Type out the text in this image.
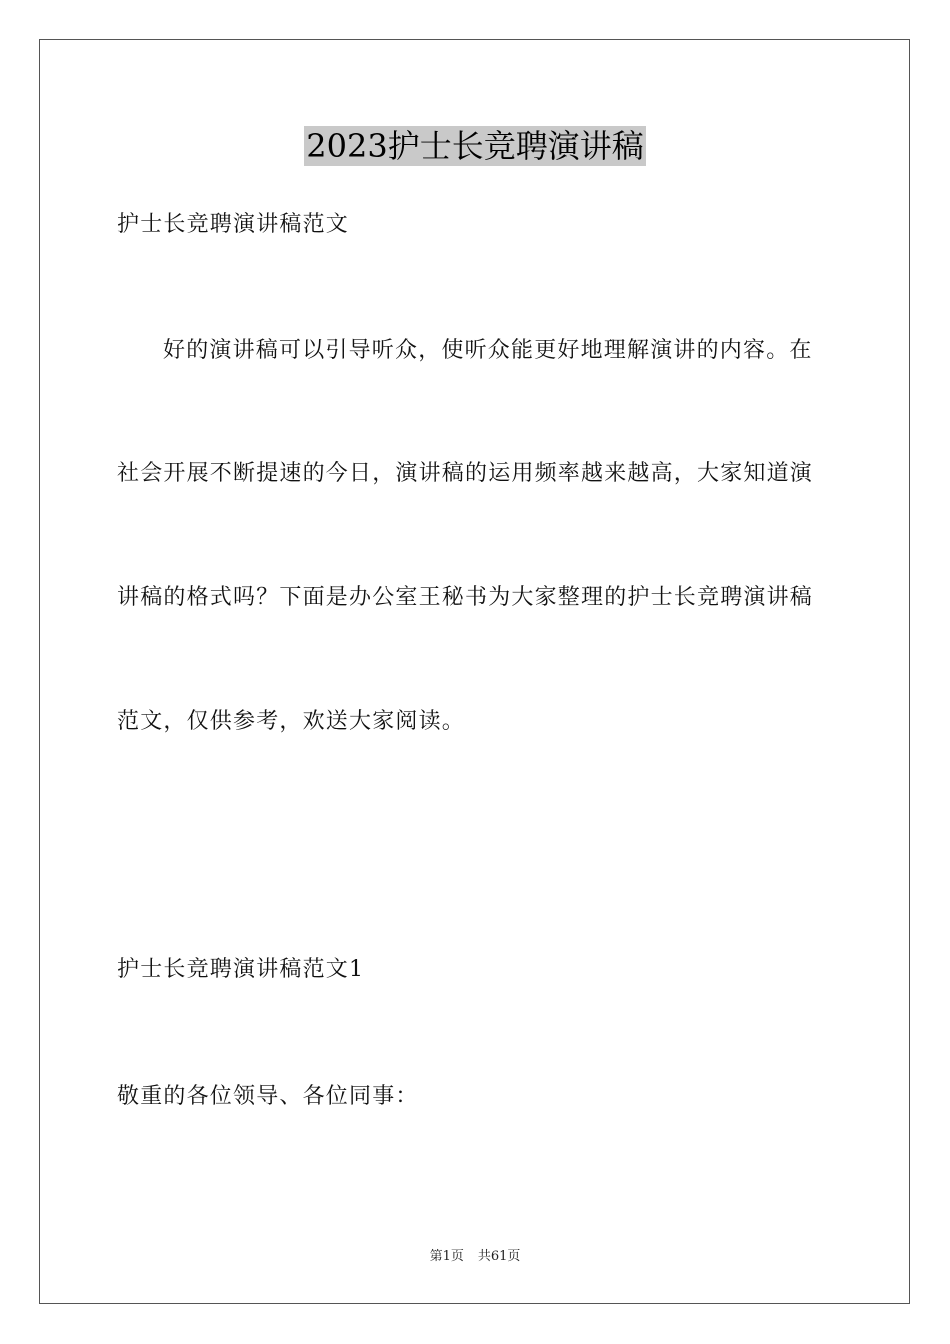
2023护士长竞聘演讲稿
护士长竞聘演讲稿范文
好的演讲稿可以引导听众，使听众能更好地理解演讲的内容。在
社会开展不断提速的今日，演讲稿的运用频率越来越高，大家知道演
讲稿的格式吗？下面是办公室王秘书为大家整理的护士长竞聘演讲稿
范文，仅供参考，欢送大家阅读。
护士长竞聘演讲稿范文1
敬重的各位领导、各位同事：
第1页 共61页
